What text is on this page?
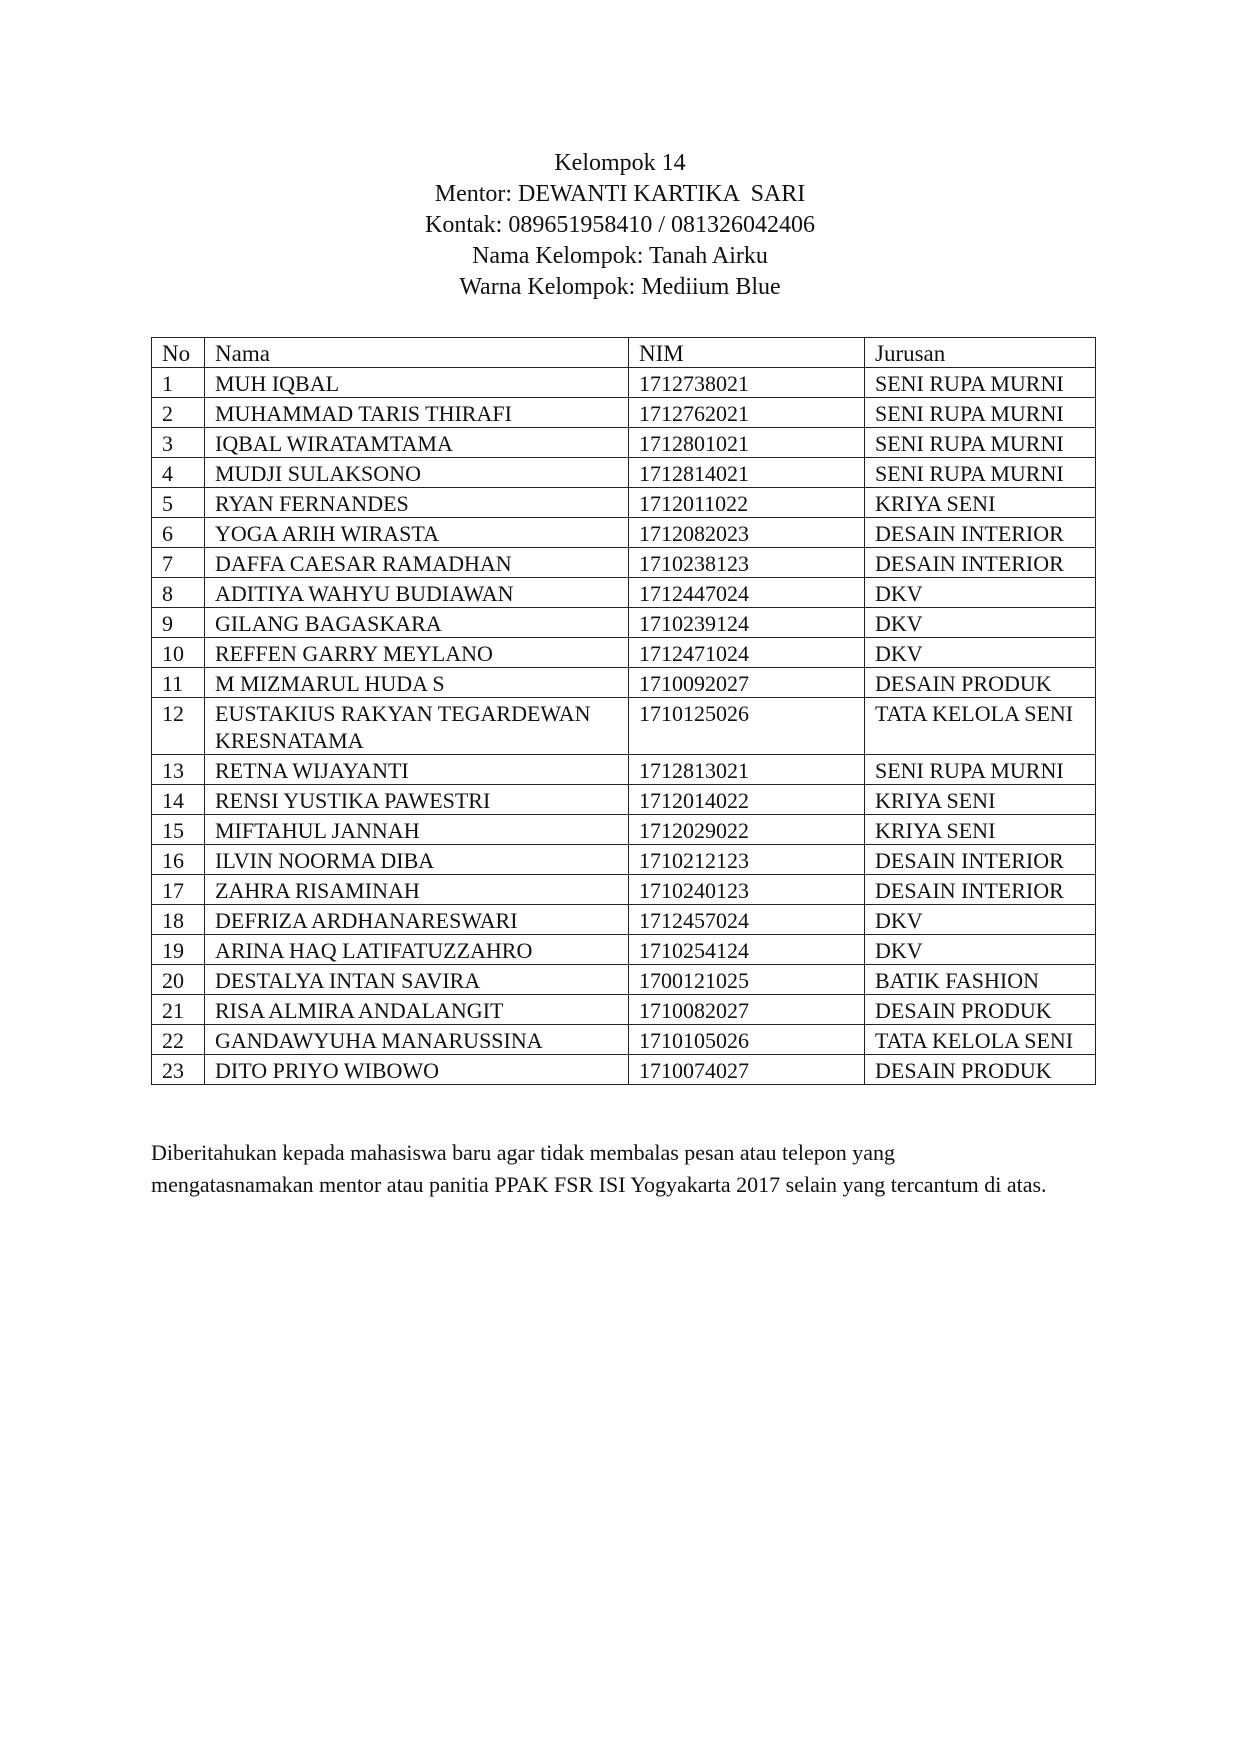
Kelompok 14
Mentor: DEWANTI KARTIKA  SARI
Kontak: 089651958410 / 081326042406
Nama Kelompok: Tanah Airku
Warna Kelompok: Mediium Blue
No	Nama	NIM	Jurusan
1	MUH IQBAL	1712738021	SENI RUPA MURNI
2	MUHAMMAD TARIS THIRAFI	1712762021	SENI RUPA MURNI
3	IQBAL WIRATAMTAMA	1712801021	SENI RUPA MURNI
4	MUDJI SULAKSONO	1712814021	SENI RUPA MURNI
5	RYAN FERNANDES	1712011022	KRIYA SENI
6	YOGA ARIH WIRASTA	1712082023	DESAIN INTERIOR
7	DAFFA CAESAR RAMADHAN	1710238123	DESAIN INTERIOR
8	ADITIYA WAHYU BUDIAWAN	1712447024	DKV
9	GILANG BAGASKARA	1710239124	DKV
10	REFFEN GARRY MEYLANO	1712471024	DKV
11	M MIZMARUL HUDA S	1710092027	DESAIN PRODUK
12	EUSTAKIUS RAKYAN TEGARDEWAN KRESNATAMA	1710125026	TATA KELOLA SENI
13	RETNA WIJAYANTI	1712813021	SENI RUPA MURNI
14	RENSI YUSTIKA PAWESTRI	1712014022	KRIYA SENI
15	MIFTAHUL JANNAH	1712029022	KRIYA SENI
16	ILVIN NOORMA DIBA	1710212123	DESAIN INTERIOR
17	ZAHRA RISAMINAH	1710240123	DESAIN INTERIOR
18	DEFRIZA ARDHANARESWARI	1712457024	DKV
19	ARINA HAQ LATIFATUZZAHRO	1710254124	DKV
20	DESTALYA INTAN SAVIRA	1700121025	BATIK FASHION
21	RISA ALMIRA ANDALANGIT	1710082027	DESAIN PRODUK
22	GANDAWYUHA MANARUSSINA	1710105026	TATA KELOLA SENI
23	DITO PRIYO WIBOWO	1710074027	DESAIN PRODUK
Diberitahukan kepada mahasiswa baru agar tidak membalas pesan atau telepon yang mengatasnamakan mentor atau panitia PPAK FSR ISI Yogyakarta 2017 selain yang tercantum di atas.
